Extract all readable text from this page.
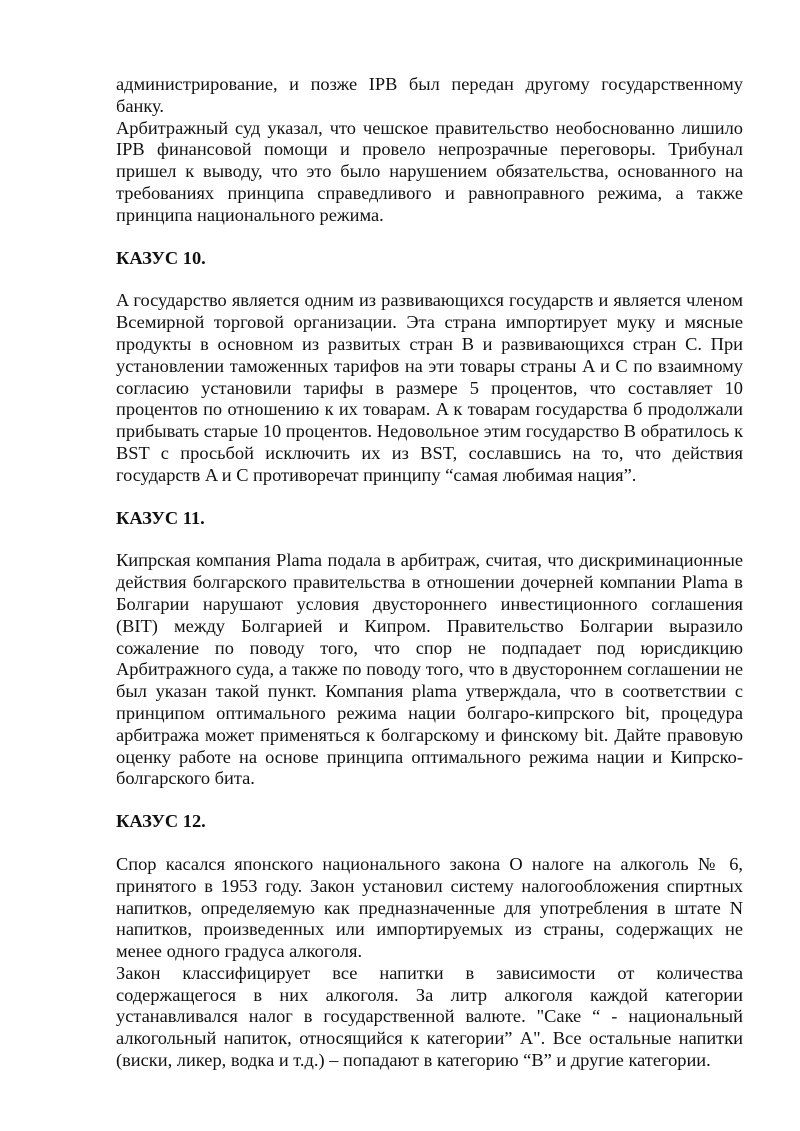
администрирование, и позже IPB был передан другому государственному банку.

Арбитражный суд указал, что чешское правительство необоснованно лишило IPB финансовой помощи и провело непрозрачные переговоры. Трибунал пришел к выводу, что это было нарушением обязательства, основанного на требованиях принципа справедливого и равноправного режима, а также принципа национального режима.

КАЗУС 10.

A государство является одним из развивающихся государств и является членом Всемирной торговой организации. Эта страна импортирует муку и мясные продукты в основном из развитых стран B и развивающихся стран C. При установлении таможенных тарифов на эти товары страны A и C по взаимному согласию установили тарифы в размере 5 процентов, что составляет 10 процентов по отношению к их товарам. A к товарам государства б продолжали прибывать старые 10 процентов. Недовольное этим государство B обратилось к BST с просьбой исключить их из BST, сославшись на то, что действия государств A и C противоречат принципу “самая любимая нация”.

КАЗУС 11.

Кипрская компания Plama подала в арбитраж, считая, что дискриминационные действия болгарского правительства в отношении дочерней компании Plama в Болгарии нарушают условия двустороннего инвестиционного соглашения (BIT) между Болгарией и Кипром. Правительство Болгарии выразило сожаление по поводу того, что спор не подпадает под юрисдикцию Арбитражного суда, а также по поводу того, что в двустороннем соглашении не был указан такой пункт. Компания plama утверждала, что в соответствии с принципом оптимального режима нации болгаро-кипрского bit, процедура арбитража может применяться к болгарскому и финскому bit. Дайте правовую оценку работе на основе принципа оптимального режима нации и Кипрско-болгарского бита.

КАЗУС 12.

Спор касался японского национального закона О налоге на алкоголь № 6, принятого в 1953 году. Закон установил систему налогообложения спиртных напитков, определяемую как предназначенные для употребления в штате N напитков, произведенных или импортируемых из страны, содержащих не менее одного градуса алкоголя.

Закон классифицирует все напитки в зависимости от количества содержащегося в них алкоголя. За литр алкоголя каждой категории устанавливался налог в государственной валюте. "Саке “ - национальный алкогольный напиток, относящийся к категории” A". Все остальные напитки (виски, ликер, водка и т.д.) – попадают в категорию “B” и другие категории.
